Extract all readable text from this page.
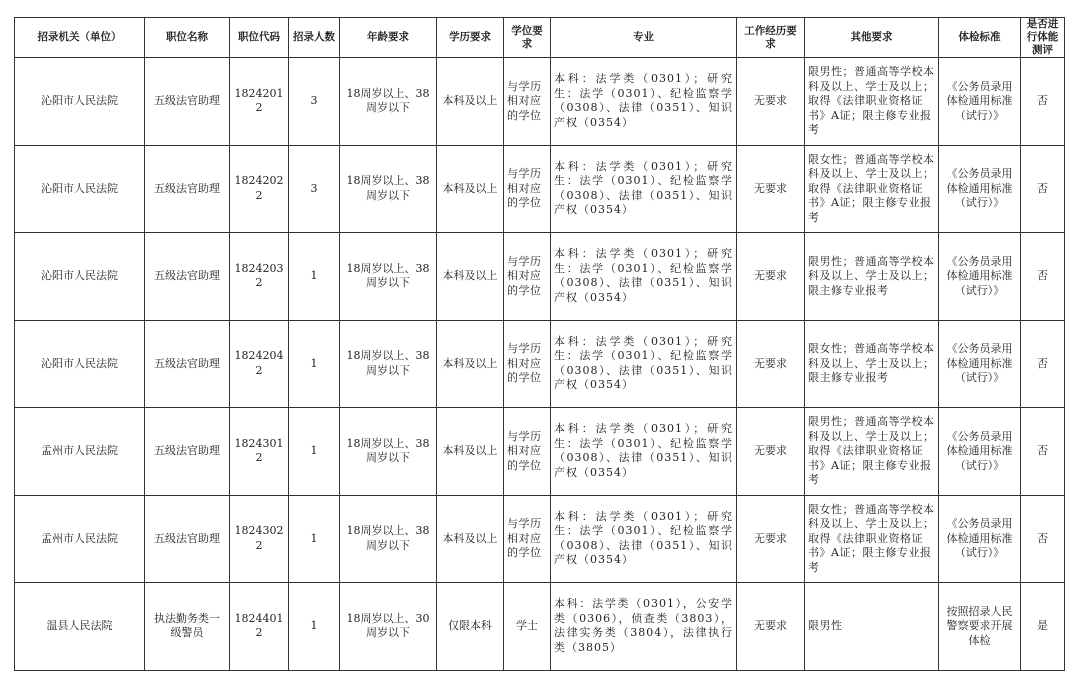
招录机关（单位）	职位名称	职位代码	招录人数	年龄要求	学历要求	学位要求	专业	工作经历要求	其他要求	体检标准	是否进行体能测评
沁阳市人民法院	五级法官助理	18242012	3	18周岁以上、38周岁以下	本科及以上	与学历相对应的学位	本科：法学类（0301）；研究生：法学（0301）、纪检监察学（0308）、法律（0351）、知识产权（0354）	无要求	限男性；普通高等学校本科及以上、学士及以上；取得《法律职业资格证书》A证；限主修专业报考	《公务员录用体检通用标准（试行）》	否
沁阳市人民法院	五级法官助理	18242022	3	18周岁以上、38周岁以下	本科及以上	与学历相对应的学位	本科：法学类（0301）；研究生：法学（0301）、纪检监察学（0308）、法律（0351）、知识产权（0354）	无要求	限女性；普通高等学校本科及以上、学士及以上；取得《法律职业资格证书》A证；限主修专业报考	《公务员录用体检通用标准（试行）》	否
沁阳市人民法院	五级法官助理	18242032	1	18周岁以上、38周岁以下	本科及以上	与学历相对应的学位	本科：法学类（0301）；研究生：法学（0301）、纪检监察学（0308）、法律（0351）、知识产权（0354）	无要求	限男性；普通高等学校本科及以上、学士及以上；限主修专业报考	《公务员录用体检通用标准（试行）》	否
沁阳市人民法院	五级法官助理	18242042	1	18周岁以上、38周岁以下	本科及以上	与学历相对应的学位	本科：法学类（0301）；研究生：法学（0301）、纪检监察学（0308）、法律（0351）、知识产权（0354）	无要求	限女性；普通高等学校本科及以上、学士及以上；限主修专业报考	《公务员录用体检通用标准（试行）》	否
孟州市人民法院	五级法官助理	18243012	1	18周岁以上、38周岁以下	本科及以上	与学历相对应的学位	本科：法学类（0301）；研究生：法学（0301）、纪检监察学（0308）、法律（0351）、知识产权（0354）	无要求	限男性；普通高等学校本科及以上、学士及以上；取得《法律职业资格证书》A证；限主修专业报考	《公务员录用体检通用标准（试行）》	否
孟州市人民法院	五级法官助理	18243022	1	18周岁以上、38周岁以下	本科及以上	与学历相对应的学位	本科：法学类（0301）；研究生：法学（0301）、纪检监察学（0308）、法律（0351）、知识产权（0354）	无要求	限女性；普通高等学校本科及以上、学士及以上；取得《法律职业资格证书》A证；限主修专业报考	《公务员录用体检通用标准（试行）》	否
温县人民法院	执法勤务类一级警员	18244012	1	18周岁以上、30周岁以下	仅限本科	学士	本科：法学类（0301），公安学类（0306），侦查类（3803），法律实务类（3804），法律执行类（3805）	无要求	限男性	按照招录人民警察要求开展体检	是
